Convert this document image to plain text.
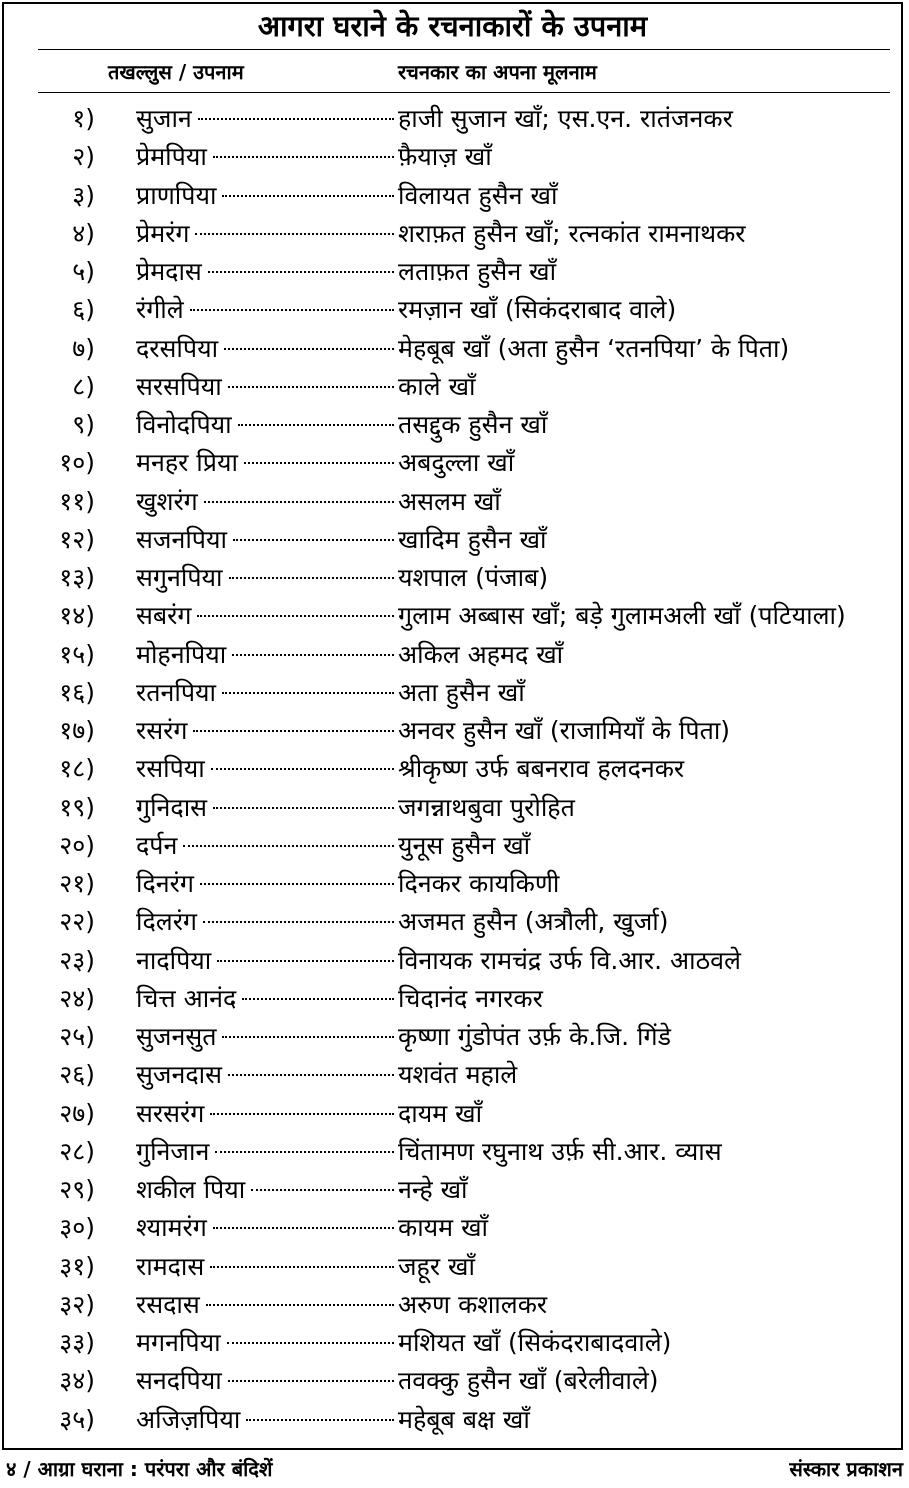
आगरा घराने के रचनाकारों के उपनाम
तखल्लुस / उपनाम	रचनकार का अपना मूलनाम
१) सुजान	हाजी सुजान खाँ; एस.एन. रातंजनकर
२) प्रेमपिया	फ़ैयाज़ खाँ
३) प्राणपिया	विलायत हुसैन खाँ
४) प्रेमरंग	शराफ़त हुसैन खाँ; रत्नकांत रामनाथकर
५) प्रेमदास	लताफ़त हुसैन खाँ
६) रंगीले	रमज़ान खाँ (सिकंदराबाद वाले)
७) दरसपिया	मेहबूब खाँ (अता हुसैन ‘रतनपिया’ के पिता)
८) सरसपिया	काले खाँ
९) विनोदपिया	तसद्दुक हुसैन खाँ
१०) मनहर प्रिया	अबदुल्ला खाँ
११) खुशरंग	असलम खाँ
१२) सजनपिया	खादिम हुसैन खाँ
१३) सगुनपिया	यशपाल (पंजाब)
१४) सबरंग	गुलाम अब्बास खाँ; बड़े गुलामअली खाँ (पटियाला)
१५) मोहनपिया	अकिल अहमद खाँ
१६) रतनपिया	अता हुसैन खाँ
१७) रसरंग	अनवर हुसैन खाँ (राजामियाँ के पिता)
१८) रसपिया	श्रीकृष्ण उर्फ बबनराव हलदनकर
१९) गुनिदास	जगन्नाथबुवा पुरोहित
२०) दर्पन	युनूस हुसैन खाँ
२१) दिनरंग	दिनकर कायकिणी
२२) दिलरंग	अजमत हुसैन (अत्रौली, खुर्जा)
२३) नादपिया	विनायक रामचंद्र उर्फ वि.आर. आठवले
२४) चित्त आनंद	चिदानंद नगरकर
२५) सुजनसुत	कृष्णा गुंडोपंत उर्फ़ के.जि. गिंडे
२६) सुजनदास	यशवंत महाले
२७) सरसरंग	दायम खाँ
२८) गुनिजान	चिंतामण रघुनाथ उर्फ़ सी.आर. व्यास
२९) शकील पिया	नन्हे खाँ
३०) श्यामरंग	कायम खाँ
३१) रामदास	जहूर खाँ
३२) रसदास	अरुण कशालकर
३३) मगनपिया	मशियत खाँ (सिकंदराबादवाले)
३४) सनदपिया	तवक्कु हुसैन खाँ (बरेलीवाले)
३५) अजिज़पिया	महेबूब बक्ष खाँ
४ / आग्रा घराना : परंपरा और बंदिशें	संस्कार प्रकाशन
